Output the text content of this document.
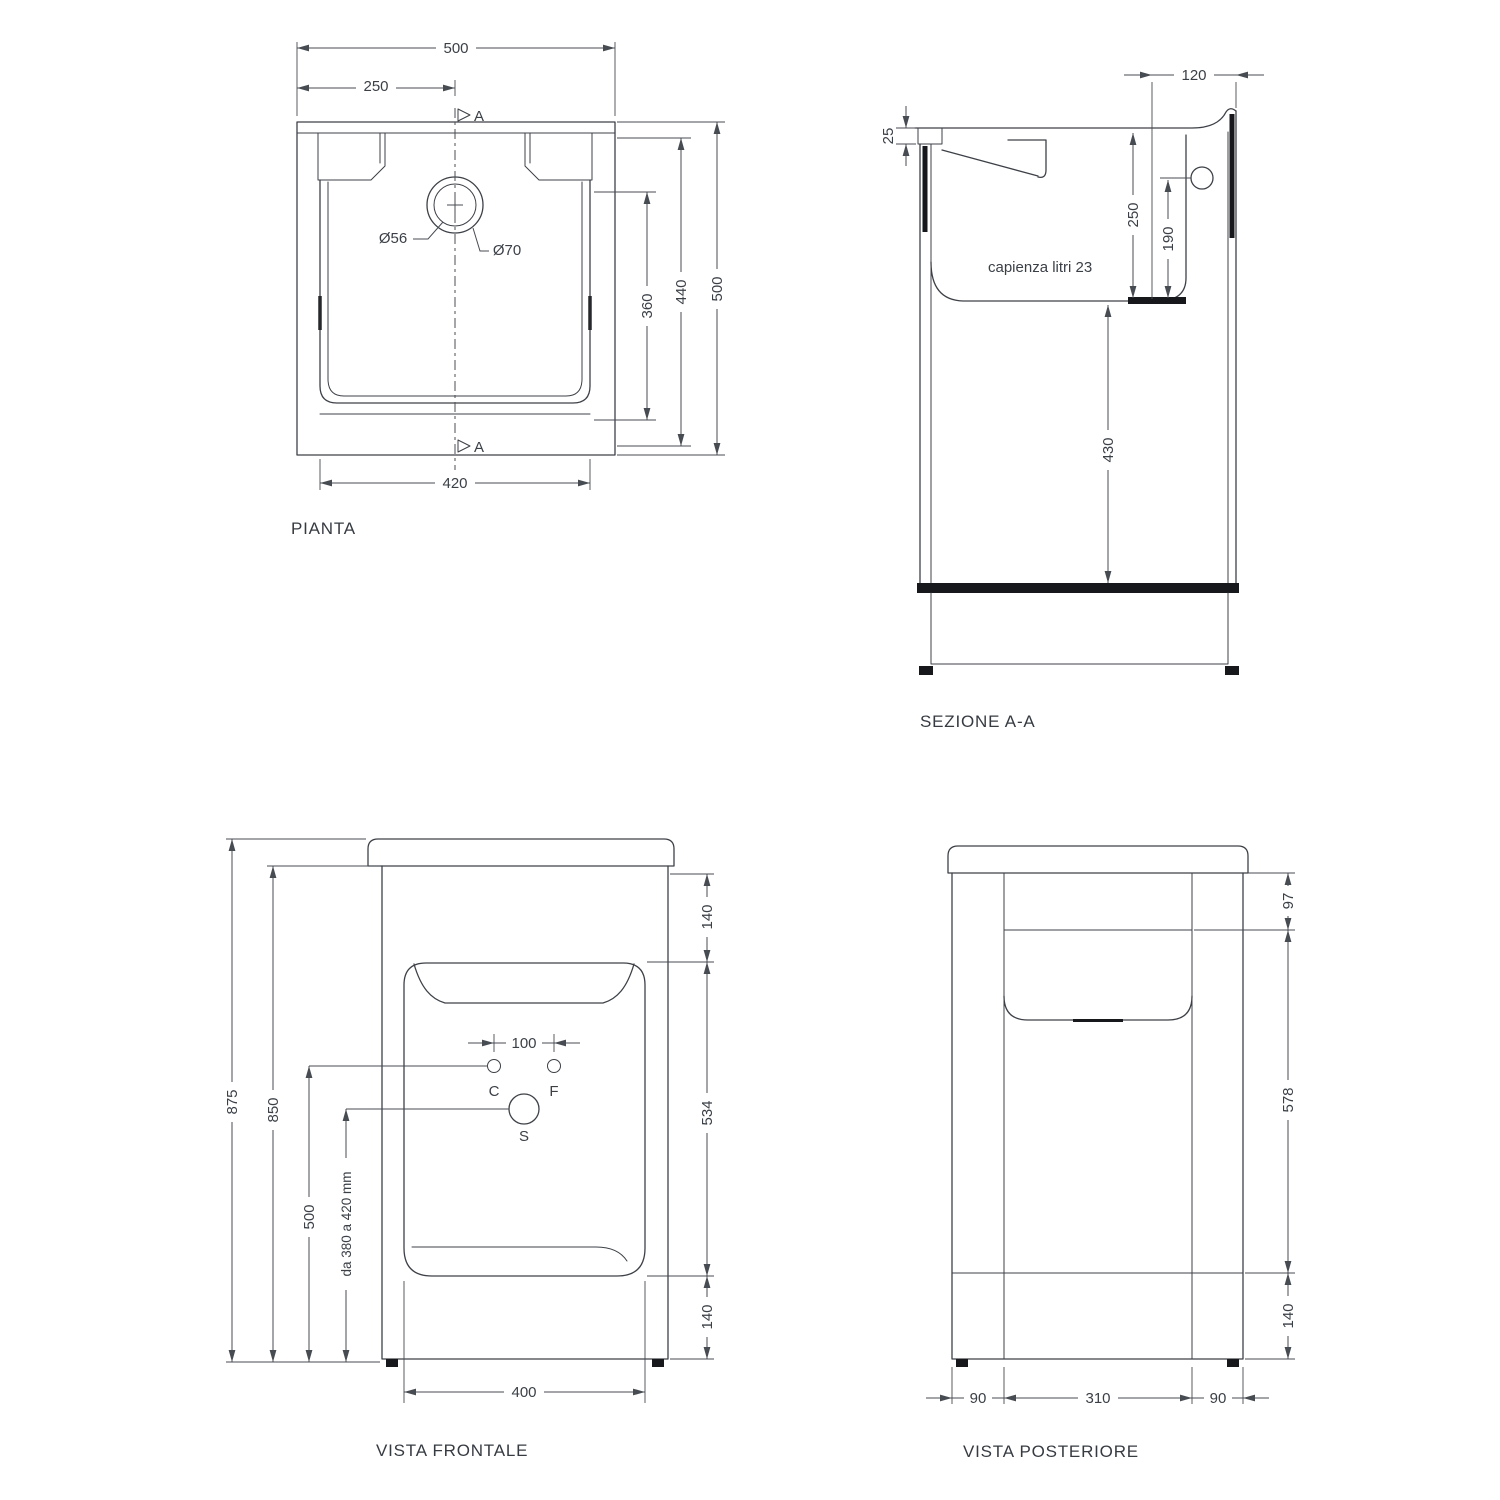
A
A
500
250
360
440 500
420
Ø56
Ø70
PIANTA
capienza litri 23
25
120
250
190
430
SEZIONE A-A
C	F
S
100
875 850
500 da 380 a 420 mm
140
534
140
400
VISTA FRONTALE
97
578
140
90	310	90
VISTA POSTERIORE
